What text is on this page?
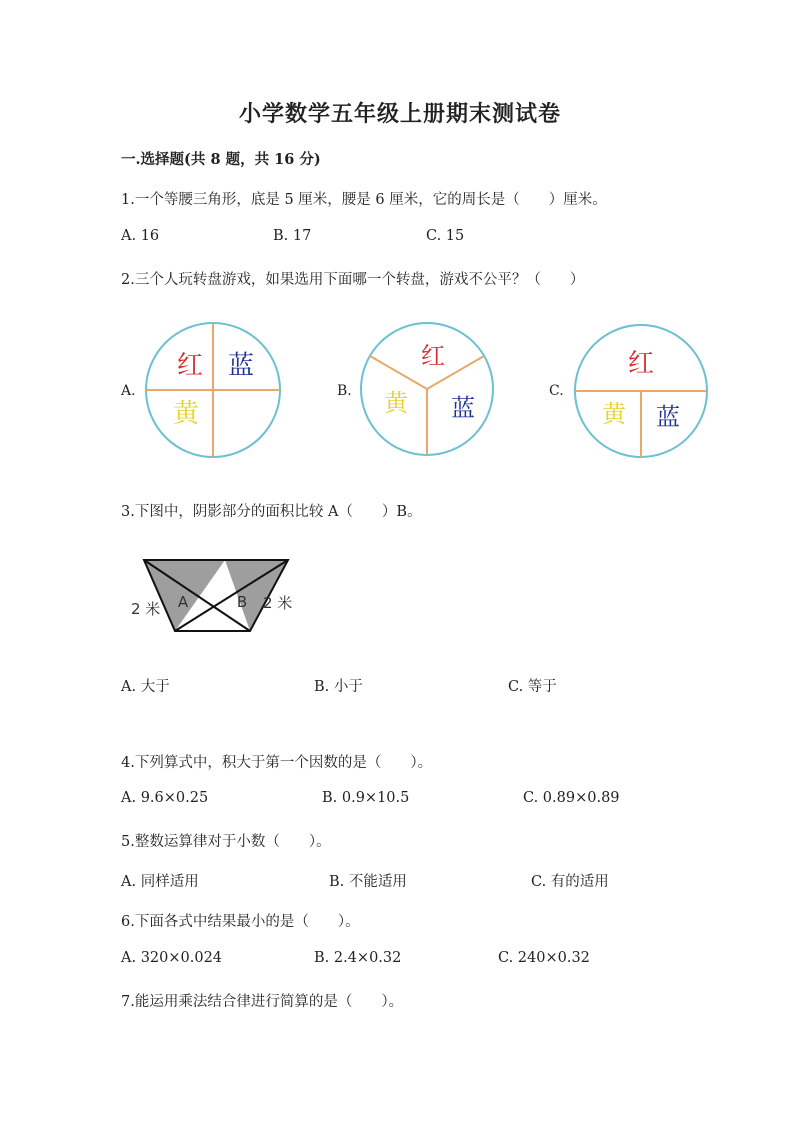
小学数学五年级上册期末测试卷
一.选择题(共 8 题，共 16 分)
1.一个等腰三角形，底是 5 厘米，腰是 6 厘米，它的周长是（　　）厘米。
A. 16	B. 17	C. 15
2.三个人玩转盘游戏，如果选用下面哪一个转盘，游戏不公平？（　　）
A.	B.	C.
红 蓝
黄
红
黄 蓝
红
黄 蓝
3.下图中，阴影部分的面积比较 A（　　）B。
A	B
2 米	2 米
A. 大于	B. 小于	C. 等于
4.下列算式中，积大于第一个因数的是（　　）。
A. 9.6×0.25	B. 0.9×10.5	C. 0.89×0.89
5.整数运算律对于小数（　　）。
A. 同样适用	B. 不能适用	C. 有的适用
6.下面各式中结果最小的是（　　）。
A. 320×0.024	B. 2.4×0.32	C. 240×0.32
7.能运用乘法结合律进行简算的是（　　）。
